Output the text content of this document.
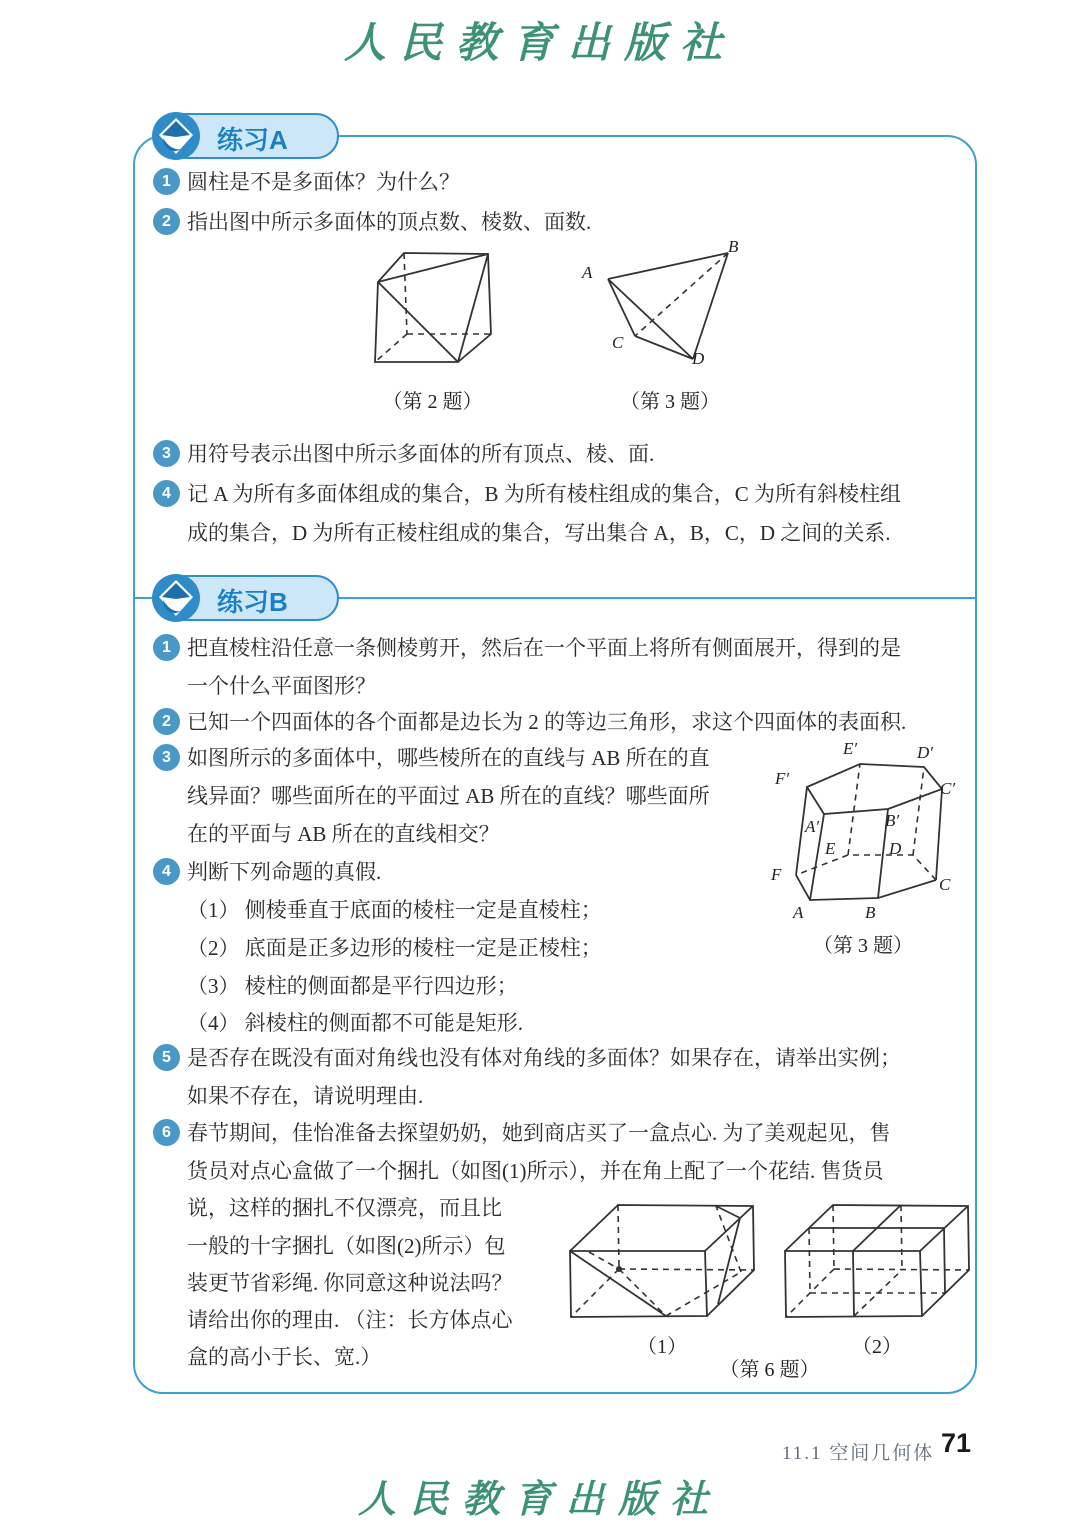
人民教育出版社
练习A
1 圆柱是不是多面体？为什么？
2 指出图中所示多面体的顶点数、棱数、面数.
（第 2 题）
A
B
C
D
（第 3 题）
3 用符号表示出图中所示多面体的所有顶点、棱、面.
4 记 A 为所有多面体组成的集合，B 为所有棱柱组成的集合，C 为所有斜棱柱组
成的集合，D 为所有正棱柱组成的集合，写出集合 A，B，C，D 之间的关系.
练习B
1 把直棱柱沿任意一条侧棱剪开，然后在一个平面上将所有侧面展开，得到的是
一个什么平面图形？
2 已知一个四面体的各个面都是边长为 2 的等边三角形，求这个四面体的表面积.
3 如图所示的多面体中，哪些棱所在的直线与 AB 所在的直
线异面？哪些面所在的平面过 AB 所在的直线？哪些面所
在的平面与 AB 所在的直线相交？
A	B
C
D
E
F
A′	B′
C′
D′
E′
F′
（第 3 题）
4 判断下列命题的真假.
（1） 侧棱垂直于底面的棱柱一定是直棱柱；
（2） 底面是正多边形的棱柱一定是正棱柱；
（3） 棱柱的侧面都是平行四边形；
（4） 斜棱柱的侧面都不可能是矩形.
5 是否存在既没有面对角线也没有体对角线的多面体？如果存在，请举出实例；
如果不存在，请说明理由.
6 春节期间，佳怡准备去探望奶奶，她到商店买了一盒点心. 为了美观起见，售
货员对点心盒做了一个捆扎（如图(1)所示），并在角上配了一个花结. 售货员
说，这样的捆扎不仅漂亮，而且比
一般的十字捆扎（如图(2)所示）包
装更节省彩绳. 你同意这种说法吗？
请给出你的理由. （注：长方体点心
盒的高小于长、宽.）	（1）	（2）
（第 6 题）
11.1 空间几何体 71
人民教育出版社
